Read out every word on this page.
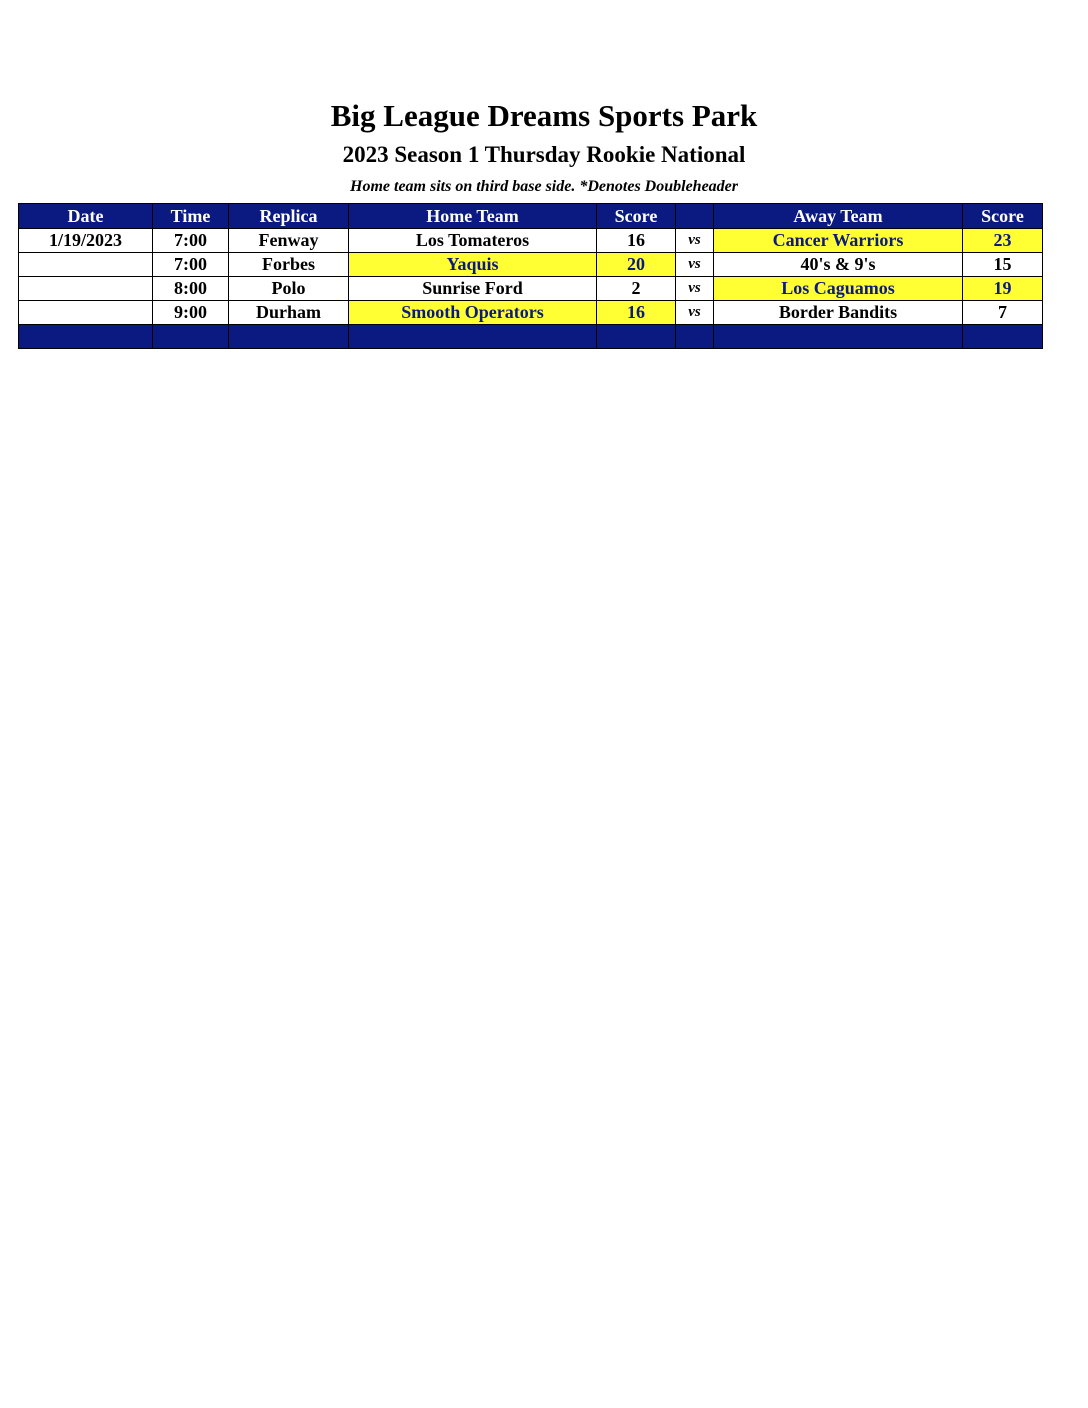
Big League Dreams Sports Park
2023 Season 1 Thursday Rookie National
Home team sits on third base side. *Denotes Doubleheader
Date	Time	Replica	Home Team	Score		Away Team	Score
1/19/2023	7:00	Fenway	Los Tomateros	16	vs	Cancer Warriors	23
	7:00	Forbes	Yaquis	20	vs	40's & 9's	15
	8:00	Polo	Sunrise Ford	2	vs	Los Caguamos	19
	9:00	Durham	Smooth Operators	16	vs	Border Bandits	7
